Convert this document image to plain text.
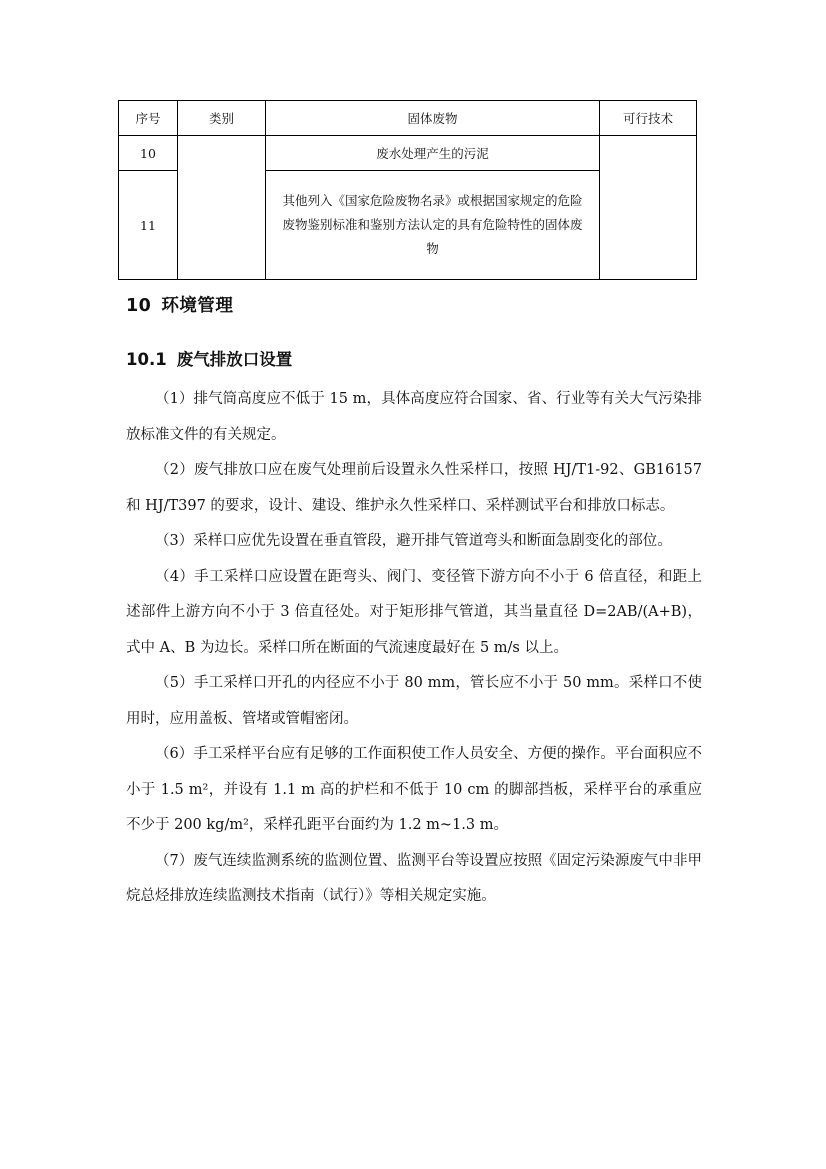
序号	类别	固体废物	可行技术
10		废水处理产生的污泥	
11		其他列入《国家危险废物名录》或根据国家规定的危险废物鉴别标准和鉴别方法认定的具有危险特性的固体废物	
10 环境管理
10.1 废气排放口设置

（1）排气筒高度应不低于 15 m，具体高度应符合国家、省、行业等有关大气污染排放标准文件的有关规定。

（2）废气排放口应在废气处理前后设置永久性采样口，按照 HJ/T1-92、GB16157 和 HJ/T397 的要求，设计、建设、维护永久性采样口、采样测试平台和排放口标志。

（3）采样口应优先设置在垂直管段，避开排气管道弯头和断面急剧变化的部位。

（4）手工采样口应设置在距弯头、阀门、变径管下游方向不小于 6 倍直径，和距上述部件上游方向不小于 3 倍直径处。对于矩形排气管道，其当量直径 D=2AB/(A+B)，式中 A、B 为边长。采样口所在断面的气流速度最好在 5 m/s 以上。

（5）手工采样口开孔的内径应不小于 80 mm，管长应不小于 50 mm。采样口不使用时，应用盖板、管堵或管帽密闭。

（6）手工采样平台应有足够的工作面积使工作人员安全、方便的操作。平台面积应不小于 1.5 m²，并设有 1.1 m 高的护栏和不低于 10 cm 的脚部挡板，采样平台的承重应不少于 200 kg/m²，采样孔距平台面约为 1.2 m~1.3 m。

（7）废气连续监测系统的监测位置、监测平台等设置应按照《固定污染源废气中非甲烷总烃排放连续监测技术指南（试行）》等相关规定实施。
